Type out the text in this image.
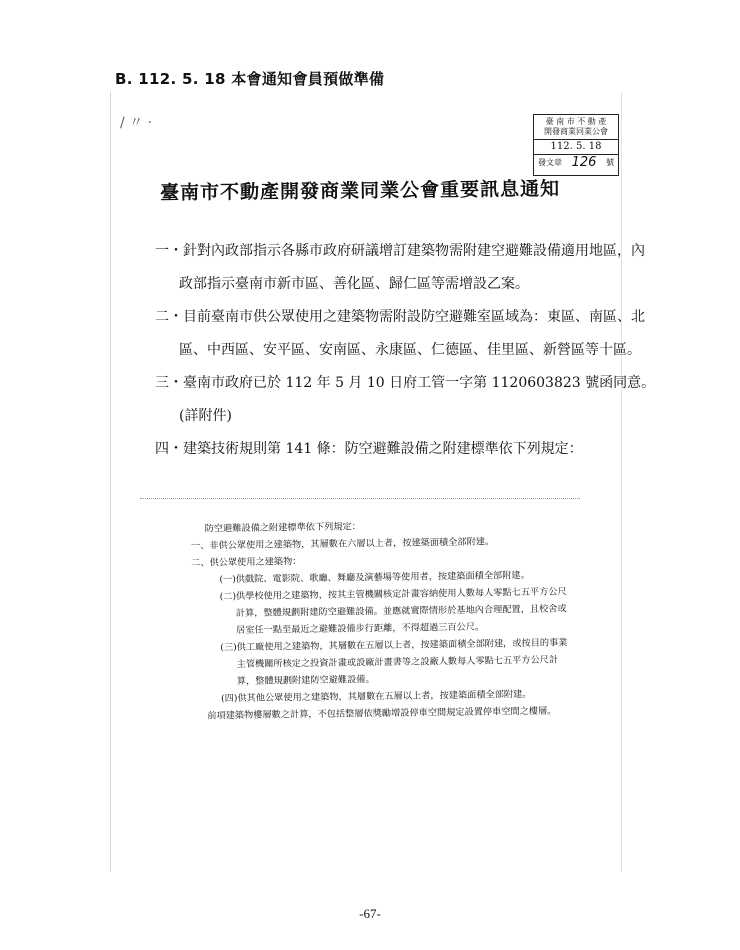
B. 112. 5. 18 本會通知會員預做準備
/ 〃 ·	臺 南 市 不 動 產
開發商業同業公會
112. 5. 18
發文章 126 號
臺南市不動產開發商業同業公會重要訊息通知
一・針對內政部指示各縣市政府研議增訂建築物需附建空避難設備適用地區，內
政部指示臺南市新市區、善化區、歸仁區等需增設乙案。
二・目前臺南市供公眾使用之建築物需附設防空避難室區域為：東區、南區、北
區、中西區、安平區、安南區、永康區、仁德區、佳里區、新營區等十區。
三・臺南市政府已於 112 年 5 月 10 日府工管一字第 1120603823 號函同意。
(詳附件)
四・建築技術規則第 141 條：防空避難設備之附建標準依下列規定：
防空避難設備之附建標準依下列規定：
一、非供公眾使用之建築物，其層數在六層以上者，按建築面積全部附建。
二、供公眾使用之建築物：
(一)供戲院、電影院、歌廳、舞廳及演藝場等使用者，按建築面積全部附建。
(二)供學校使用之建築物，按其主管機關核定計畫容納使用人數每人零點七五平方公尺
計算，整體規劃附建防空避難設備。並應就實際情形於基地內合理配置，且校舍或
居室任一點至最近之避難設備步行距離，不得超過三百公尺。
(三)供工廠使用之建築物，其層數在五層以上者，按建築面積全部附建，或按目的事業
主管機關所核定之投資計畫或設廠計畫書等之設廠人數每人零點七五平方公尺計
算，整體規劃附建防空避難設備。
(四)供其他公眾使用之建築物，其層數在五層以上者，按建築面積全部附建。
前項建築物樓層數之計算，不包括整層依獎勵增設停車空間規定設置停車空間之樓層。
-67-
